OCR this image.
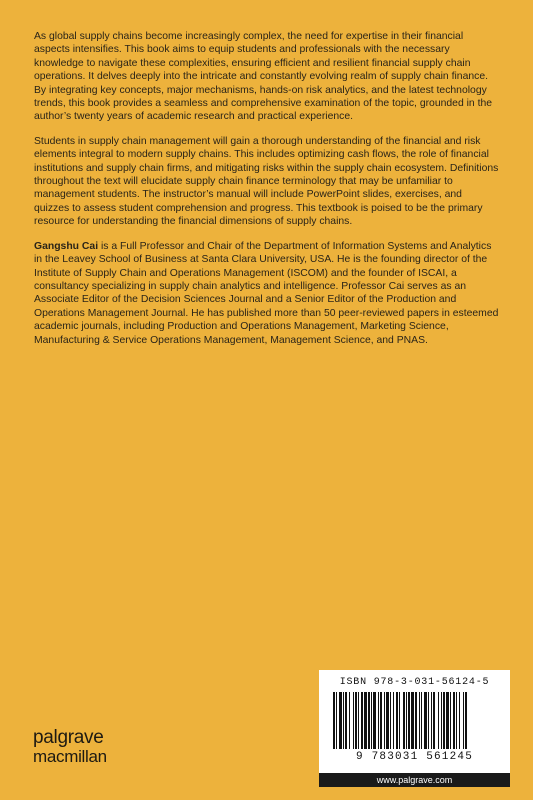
As global supply chains become increasingly complex, the need for expertise in their financial aspects intensifies. This book aims to equip students and professionals with the necessary knowledge to navigate these complexities, ensuring efficient and resilient financial supply chain operations. It delves deeply into the intricate and constantly evolving realm of supply chain finance. By integrating key concepts, major mechanisms, hands-on risk analytics, and the latest technology trends, this book provides a seamless and comprehensive examination of the topic, grounded in the author’s twenty years of academic research and practical experience.

Students in supply chain management will gain a thorough understanding of the financial and risk elements integral to modern supply chains. This includes optimizing cash flows, the role of financial institutions and supply chain firms, and mitigating risks within the supply chain ecosystem. Definitions throughout the text will elucidate supply chain finance terminology that may be unfamiliar to management students. The instructor’s manual will include PowerPoint slides, exercises, and quizzes to assess student comprehension and progress. This textbook is poised to be the primary resource for understanding the financial dimensions of supply chains.

Gangshu Cai is a Full Professor and Chair of the Department of Information Systems and Analytics in the Leavey School of Business at Santa Clara University, USA. He is the founding director of the Institute of Supply Chain and Operations Management (ISCOM) and the founder of ISCAI, a consultancy specializing in supply chain analytics and intelligence. Professor Cai serves as an Associate Editor of the Decision Sciences Journal and a Senior Editor of the Production and Operations Management Journal. He has published more than 50 peer-reviewed papers in esteemed academic journals, including Production and Operations Management, Marketing Science, Manufacturing & Service Operations Management, Management Science, and PNAS.

palgrave
macmillan
ISBN 978-3-031-56124-5
9 783031 561245
www.palgrave.com
